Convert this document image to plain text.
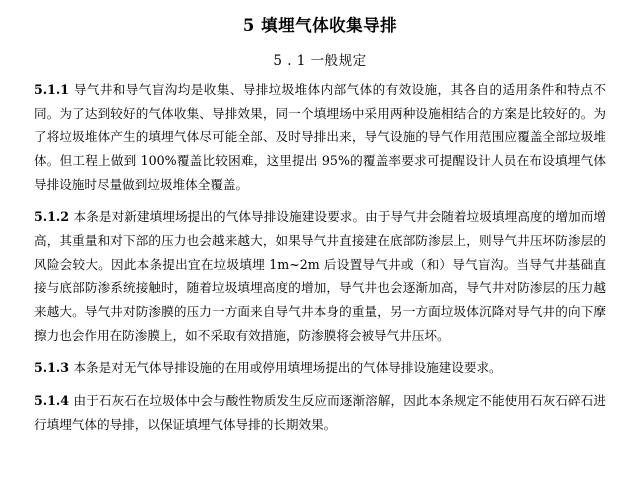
5 填埋气体收集导排
5 . 1 一般规定

5.1.1 导气井和导气盲沟均是收集、导排垃圾堆体内部气体的有效设施，其各自的适用条件和特点不同。为了达到较好的气体收集、导排效果，同一个填埋场中采用两种设施相结合的方案是比较好的。为了将垃圾堆体产生的填埋气体尽可能全部、及时导排出来，导气设施的导气作用范围应覆盖全部垃圾堆体。但工程上做到 100%覆盖比较困难，这里提出 95%的覆盖率要求可提醒设计人员在布设填埋气体导排设施时尽量做到垃圾堆体全覆盖。

5.1.2 本条是对新建填埋场提出的气体导排设施建设要求。由于导气井会随着垃圾填埋高度的增加而增高，其重量和对下部的压力也会越来越大，如果导气井直接建在底部防渗层上，则导气井压坏防渗层的风险会较大。因此本条提出宜在垃圾填埋 1m~2m 后设置导气井或（和）导气盲沟。当导气井基础直接与底部防渗系统接触时，随着垃圾填埋高度的增加，导气井也会逐渐加高，导气井对防渗层的压力越来越大。导气井对防渗膜的压力一方面来自导气井本身的重量，另一方面垃圾体沉降对导气井的向下摩擦力也会作用在防渗膜上，如不采取有效措施，防渗膜将会被导气井压坏。

5.1.3 本条是对无气体导排设施的在用或停用填埋场提出的气体导排设施建设要求。

5.1.4 由于石灰石在垃圾体中会与酸性物质发生反应而逐渐溶解，因此本条规定不能使用石灰石碎石进行填埋气体的导排，以保证填埋气体导排的长期效果。
